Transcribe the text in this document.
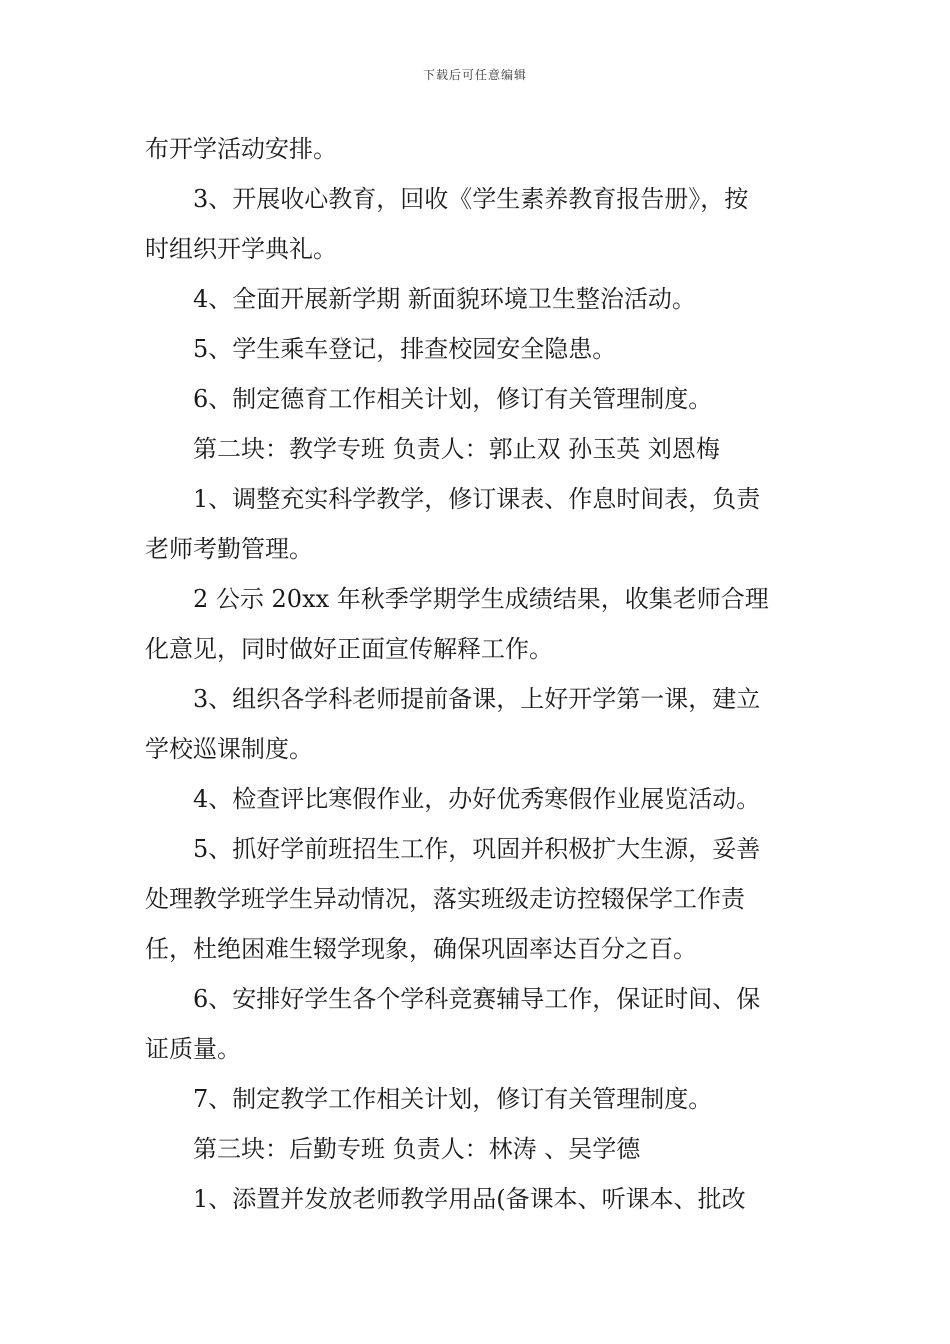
下载后可任意编辑
布开学活动安排。
3、开展收心教育，回收《学生素养教育报告册》，按
时组织开学典礼。
4、全面开展新学期 新面貌环境卫生整治活动。
5、学生乘车登记，排查校园安全隐患。
6、制定德育工作相关计划，修订有关管理制度。
第二块：教学专班 负责人：郭止双 孙玉英 刘恩梅
1、调整充实科学教学，修订课表、作息时间表，负责
老师考勤管理。
2 公示 20xx 年秋季学期学生成绩结果，收集老师合理
化意见，同时做好正面宣传解释工作。
3、组织各学科老师提前备课，上好开学第一课，建立
学校巡课制度。
4、检查评比寒假作业，办好优秀寒假作业展览活动。
5、抓好学前班招生工作，巩固并积极扩大生源，妥善
处理教学班学生异动情况，落实班级走访控辍保学工作责
任，杜绝困难生辍学现象，确保巩固率达百分之百。
6、安排好学生各个学科竞赛辅导工作，保证时间、保
证质量。
7、制定教学工作相关计划，修订有关管理制度。
第三块：后勤专班 负责人：林涛 、吴学德
1、添置并发放老师教学用品(备课本、听课本、批改
